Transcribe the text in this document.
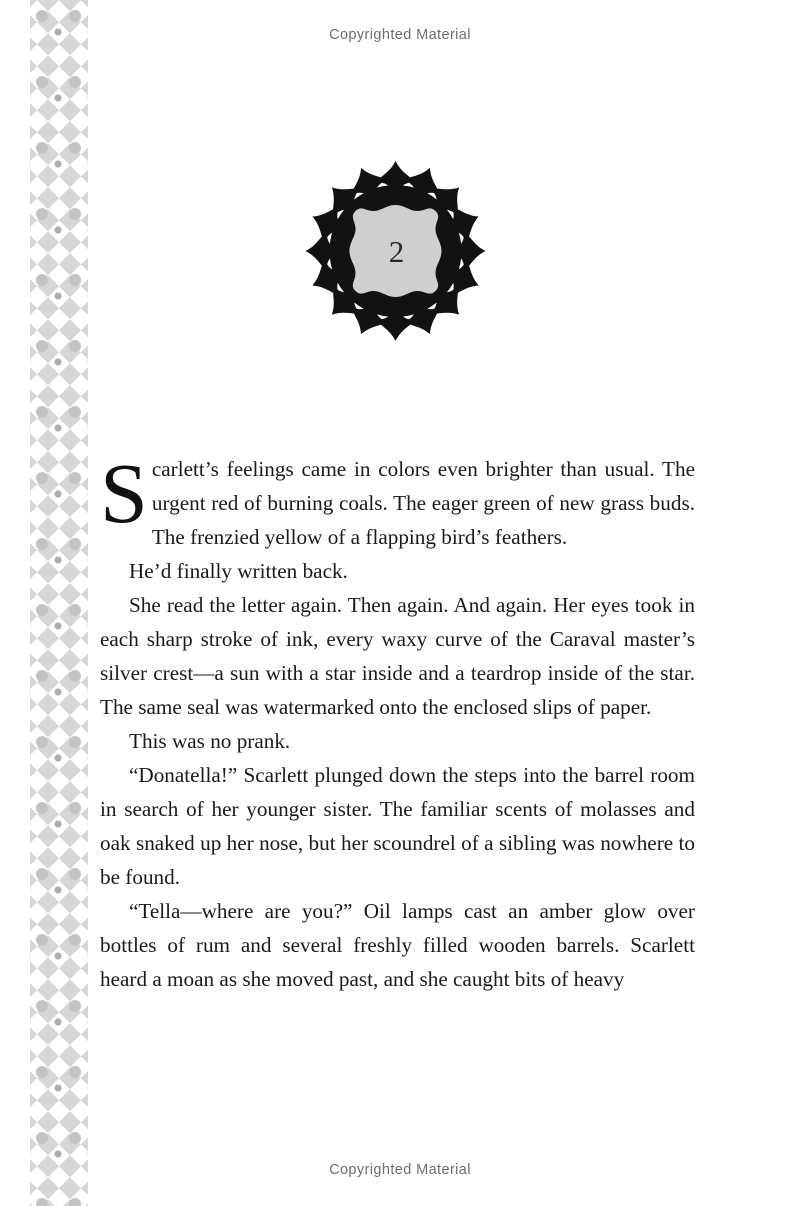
Copyrighted Material
Copyrighted Material
2

Scarlett’s feelings came in colors even brighter than usual. The urgent red of burning coals. The eager green of new grass buds. The frenzied yellow of a flapping bird’s feathers.

He’d finally written back.

She read the letter again. Then again. And again. Her eyes took in each sharp stroke of ink, every waxy curve of the Caraval master’s silver crest—a sun with a star inside and a teardrop inside of the star. The same seal was watermarked onto the enclosed slips of paper.

This was no prank.

“Donatella!” Scarlett plunged down the steps into the barrel room in search of her younger sister. The familiar scents of molasses and oak snaked up her nose, but her scoundrel of a sibling was nowhere to be found.

“Tella—where are you?” Oil lamps cast an amber glow over bottles of rum and several freshly filled wooden barrels. Scarlett heard a moan as she moved past, and she caught bits of heavy
